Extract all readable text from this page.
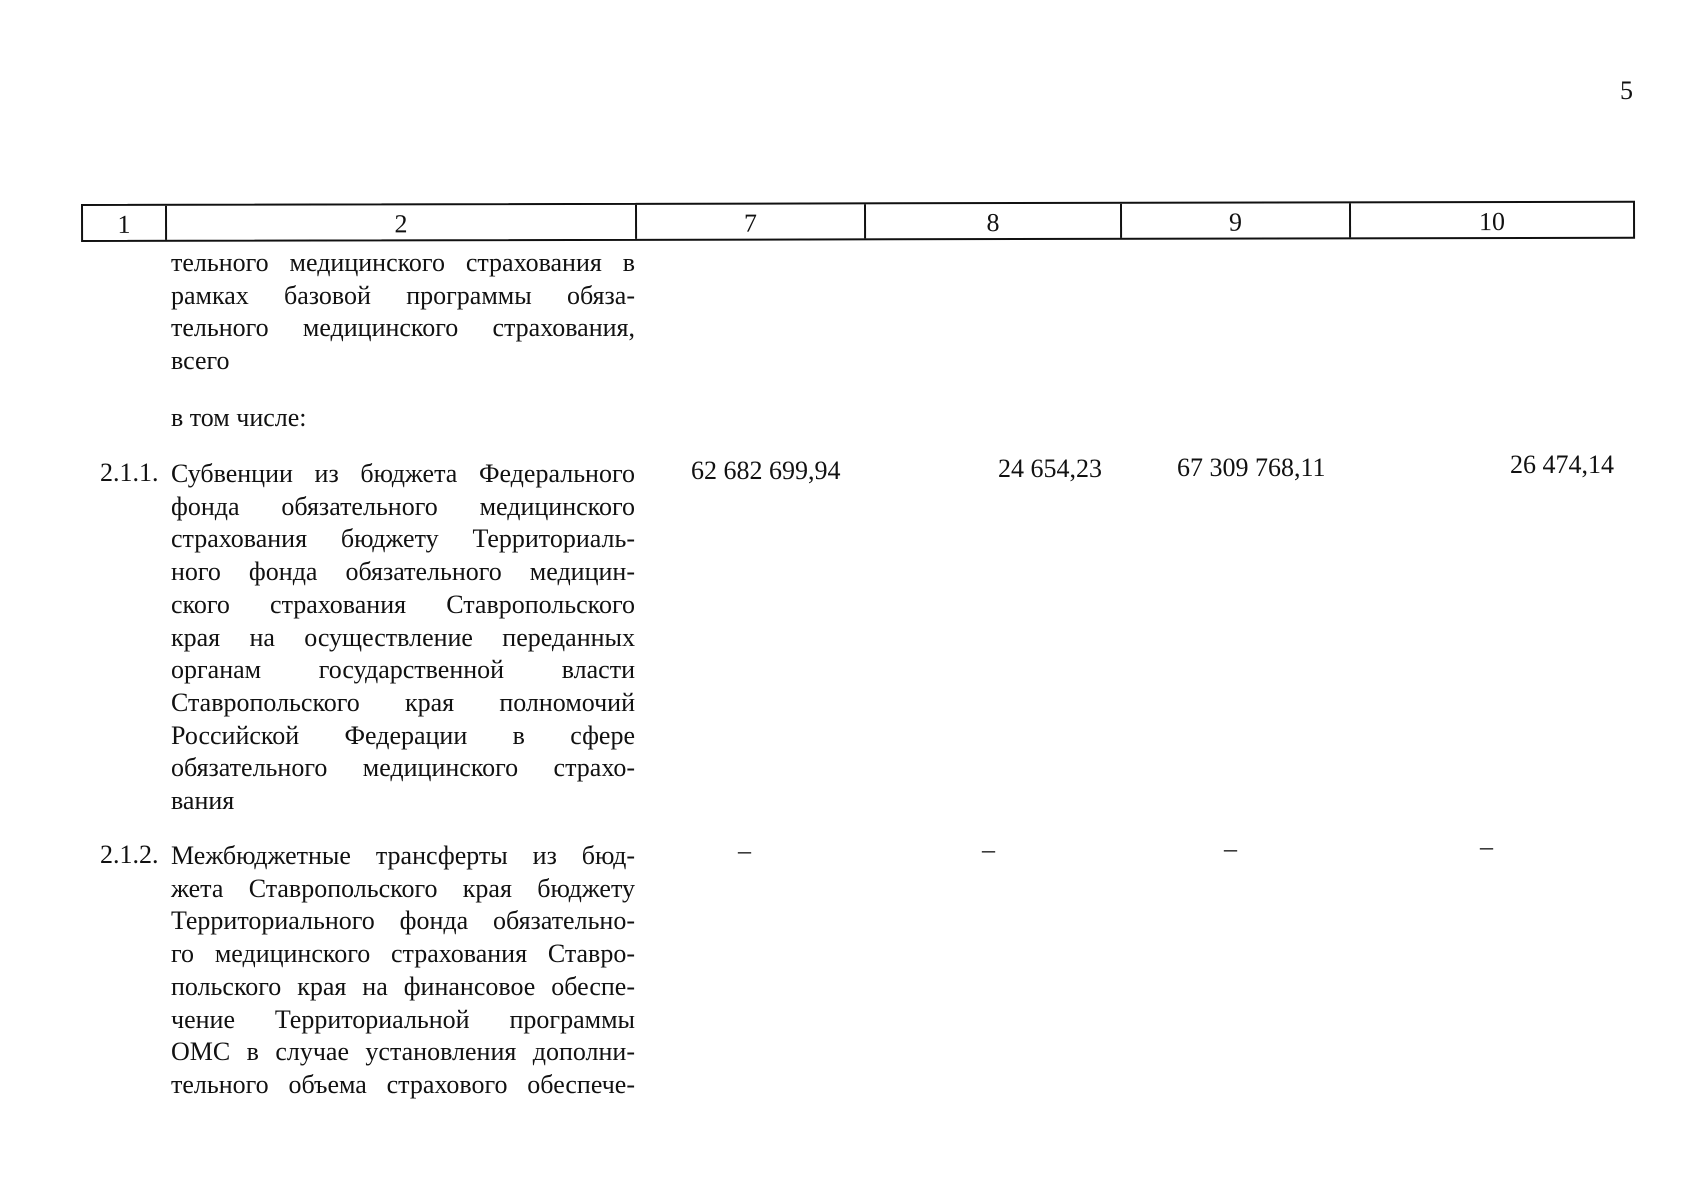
5
1	2	7	8	9	10
тельного медицинского страхования в
рамках базовой программы обяза-
тельного медицинского страхования,
всего
в том числе:
2.1.1. Субвенции из бюджета Федерального
фонда обязательного медицинского
страхования бюджету Территориаль-
ного фонда обязательного медицин-
ского страхования Ставропольского
края на осуществление переданных
органам государственной власти
Ставропольского края полномочий
Российской Федерации в сфере
обязательного медицинского страхо-
вания
62 682 699,94	24 654,23	67 309 768,11	26 474,14
2.1.2. Межбюджетные трансферты из бюд-
жета Ставропольского края бюджету
Территориального фонда обязательно-
го медицинского страхования Ставро-
польского края на финансовое обеспе-
чение Территориальной программы
ОМС в случае установления дополни-
тельного объема страхового обеспече-
–	–	–	–
